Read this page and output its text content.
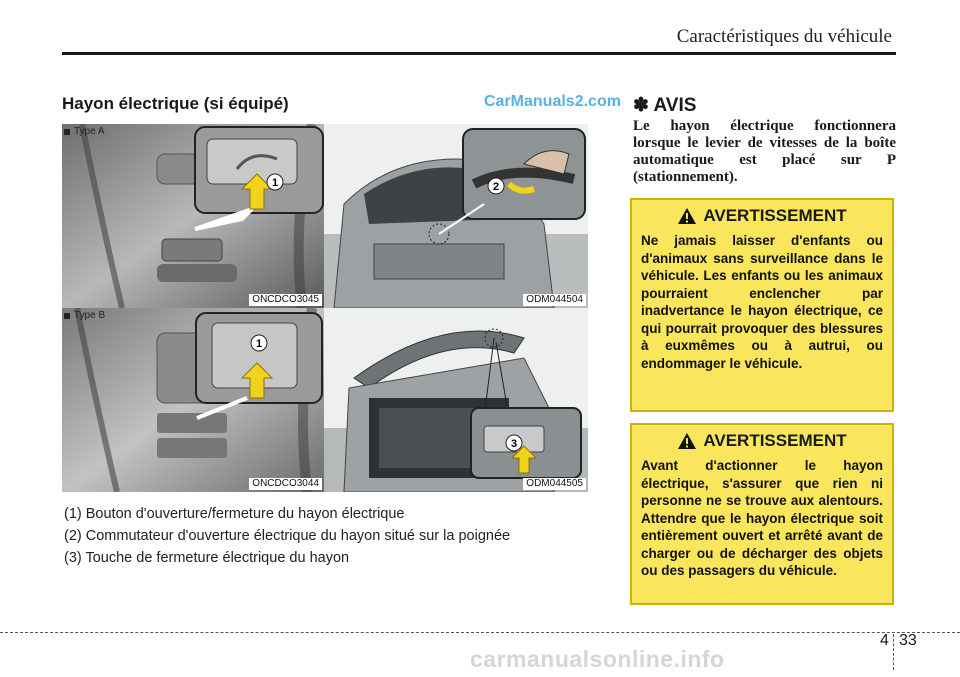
Caractéristiques du véhicule
Hayon électrique (si équipé)	CarManuals2.com
1
Type A
ONCDCO3045
2
ODM044504
1
Type B
ONCDCO3044
3
ODM044505
(1) Bouton d'ouverture/fermeture du hayon électrique
(2) Commutateur d'ouverture électrique du hayon situé sur la poignée
(3) Touche de fermeture électrique du hayon
✽ AVIS
Le hayon électrique fonctionnera lorsque le levier de vitesses de la boîte automatique est placé sur P (stationnement).
AVERTISSEMENT
Ne jamais laisser d'enfants ou d'animaux sans surveillance dans le véhicule. Les enfants ou les animaux pourraient enclencher par inadvertance le hayon électrique, ce qui pourrait provoquer des blessures à euxmêmes ou à autrui, ou endommager le véhicule.
AVERTISSEMENT
Avant d'actionner le hayon électrique, s'assurer que rien ni personne ne se trouve aux alentours. Attendre que le hayon électrique soit entièrement ouvert et arrêté avant de charger ou de décharger des objets ou des passagers du véhicule.
4 33
carmanualsonline.info
